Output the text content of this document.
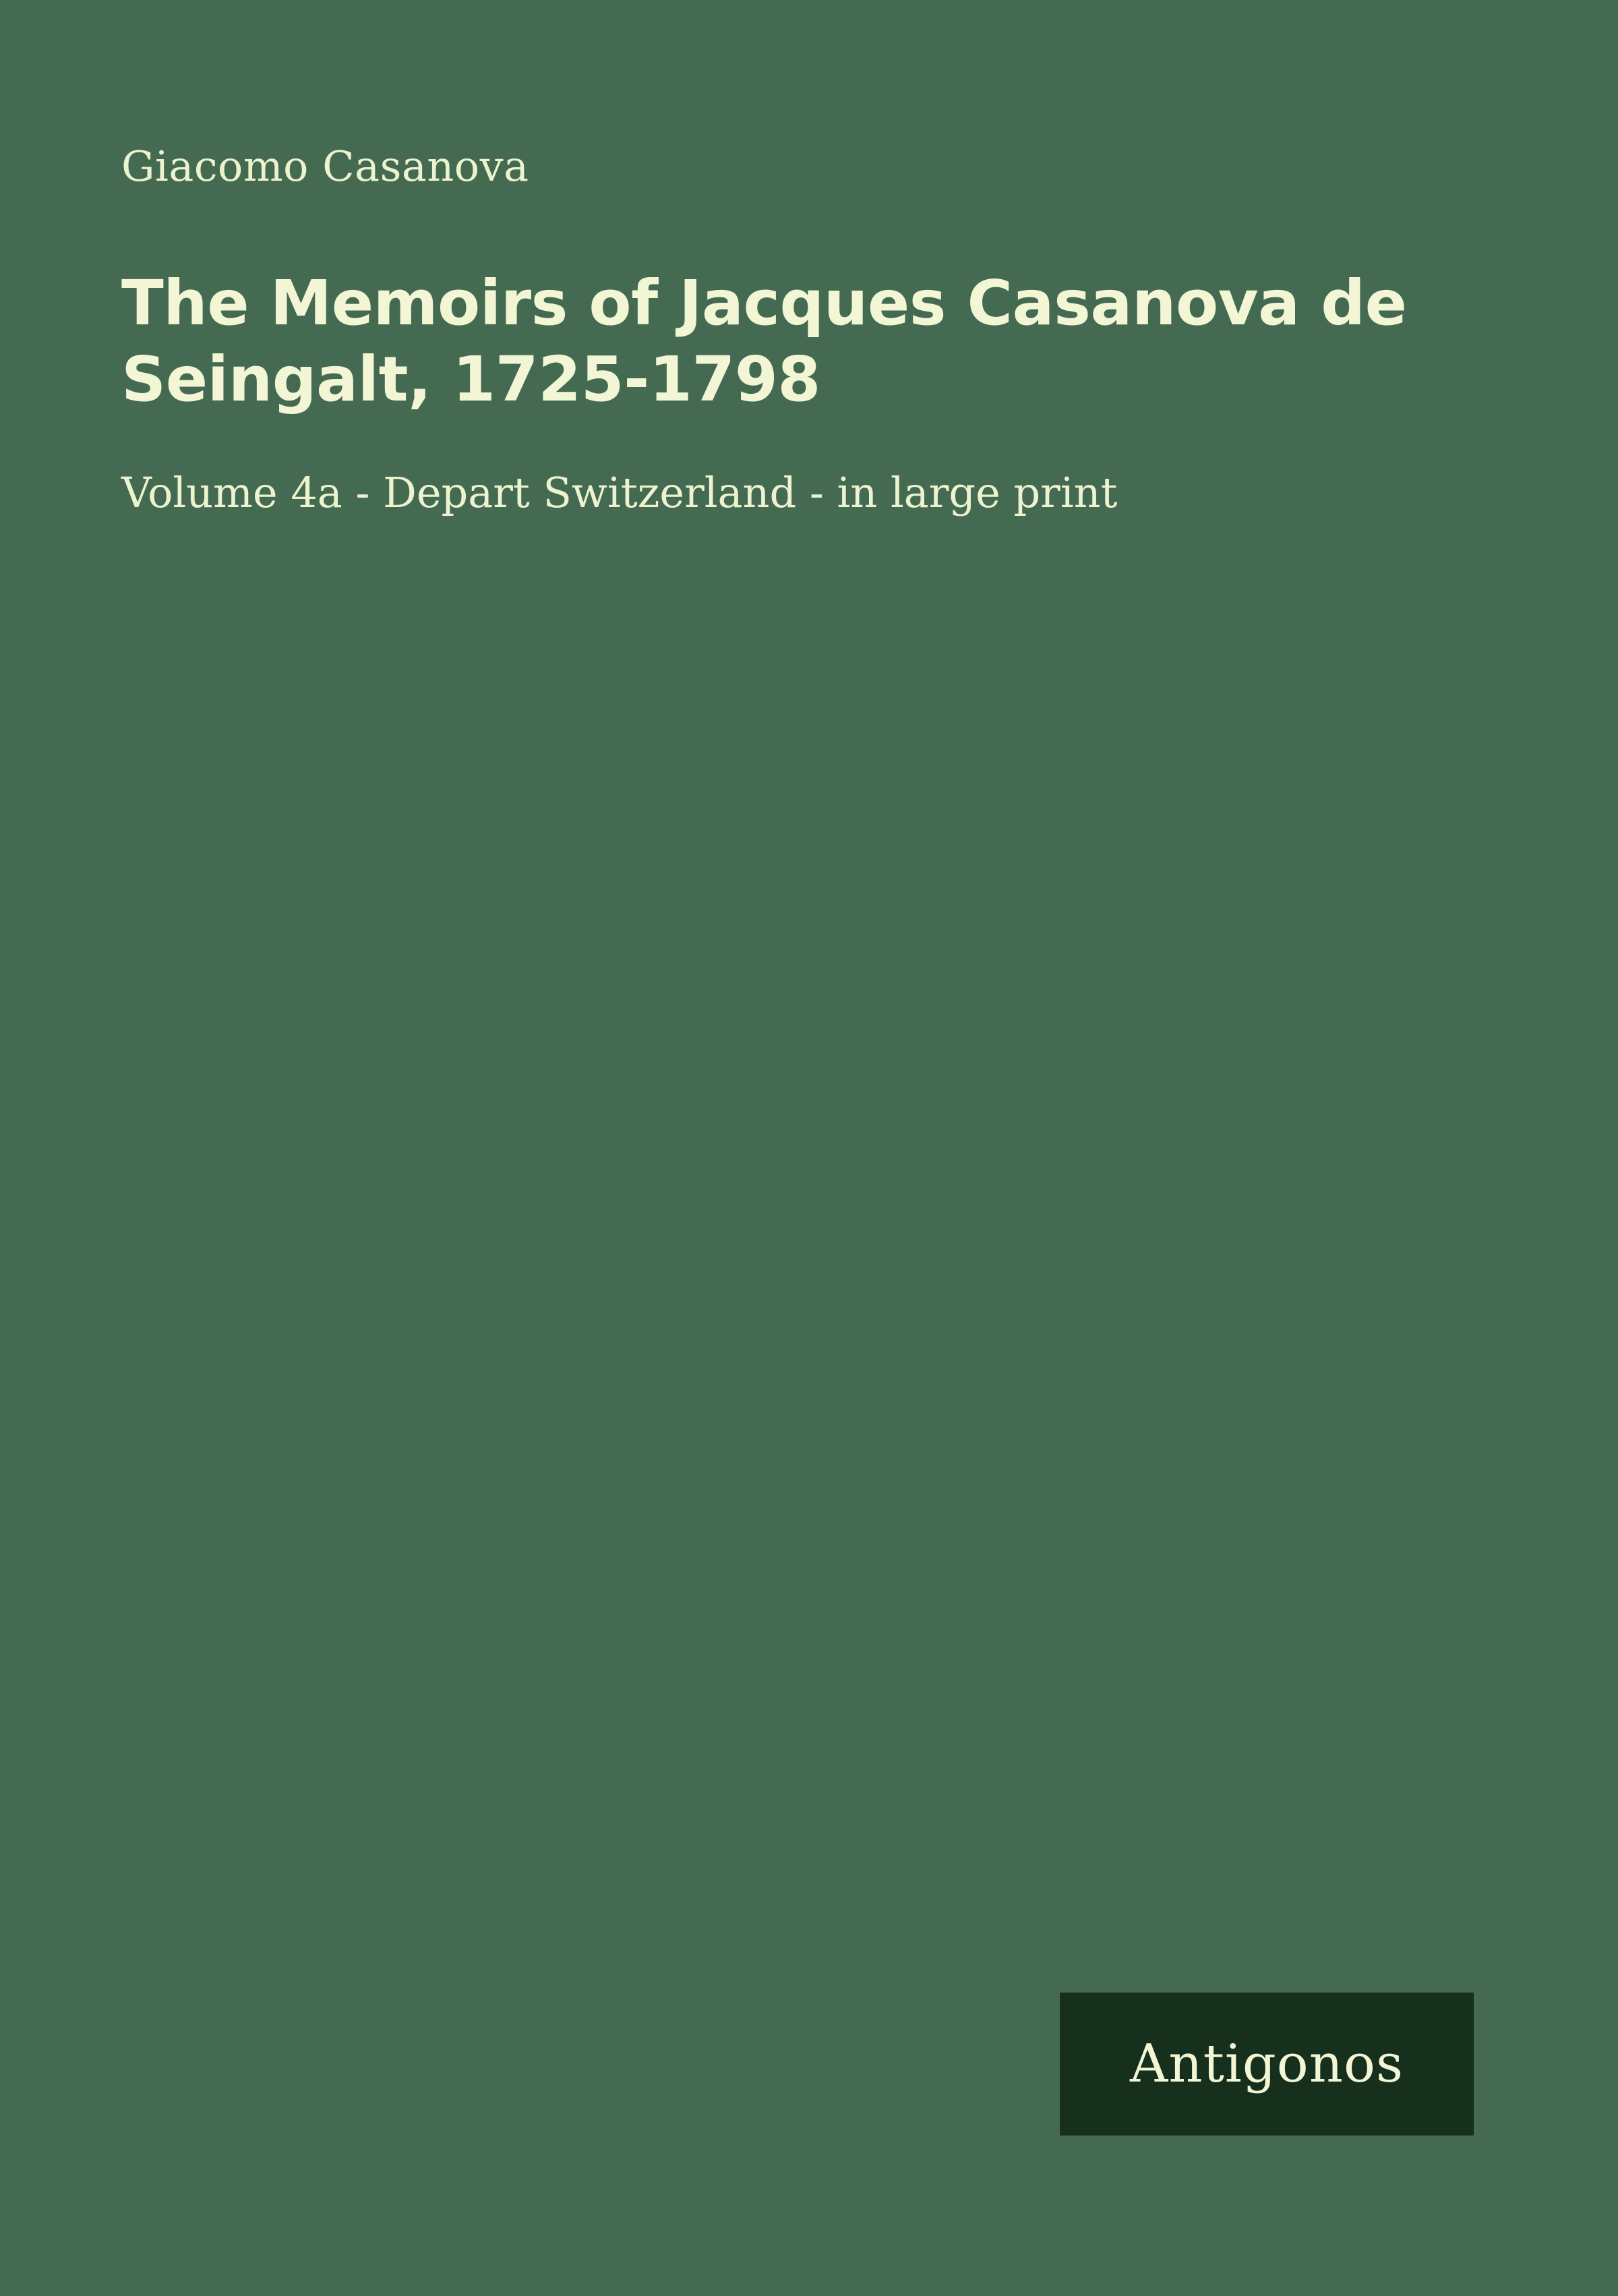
Giacomo Casanova
The Memoirs of Jacques Casanova de Seingalt, 1725-1798
Volume 4a - Depart Switzerland - in large print
Antigonos
